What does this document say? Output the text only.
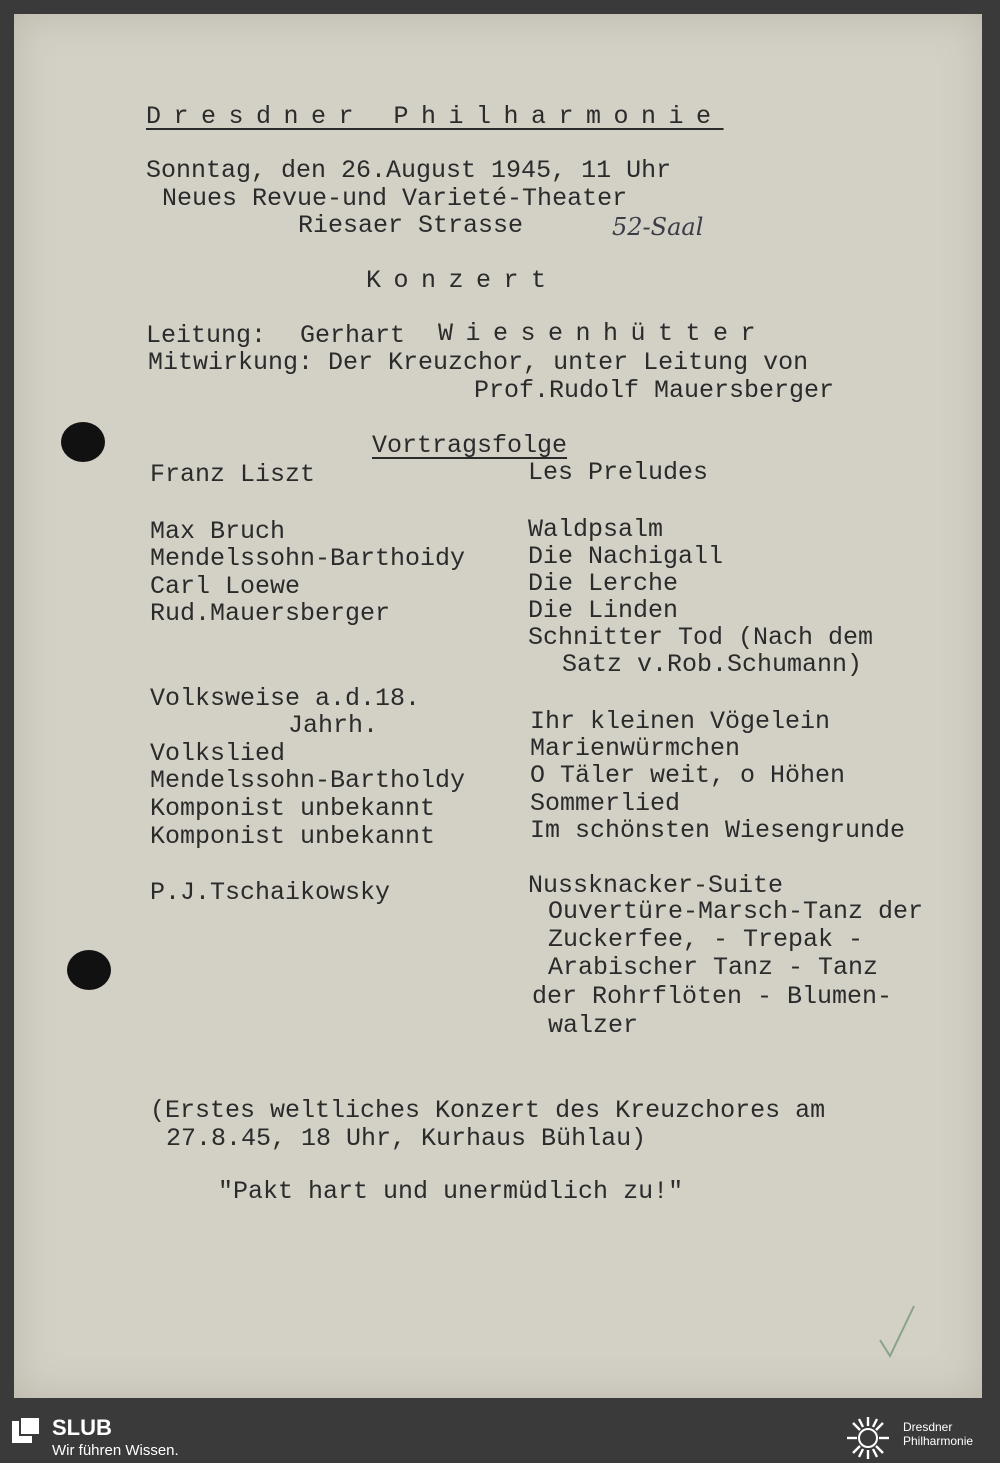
Dresdner Philharmonie
Sonntag, den 26.August 1945, 11 Uhr
Neues Revue-und Varieté-Theater
Riesaer Strasse	52-Saal
Konzert
Leitung: Gerhart Wiesenhütter
Mitwirkung: Der Kreuzchor, unter Leitung von
Prof.Rudolf Mauersberger
Vortragsfolge
Franz Liszt
Max Bruch
Mendelssohn-Barthoidy
Carl Loewe
Rud.Mauersberger
Volksweise a.d.18.
Jahrh.
Volkslied
Mendelssohn-Bartholdy
Komponist unbekannt
Komponist unbekannt
P.J.Tschaikowsky
Les Preludes
Waldpsalm
Die Nachigall
Die Lerche
Die Linden
Schnitter Tod (Nach dem
Satz v.Rob.Schumann)
Ihr kleinen Vögelein
Marienwürmchen
O Täler weit, o Höhen
Sommerlied
Im schönsten Wiesengrunde
Nussknacker-Suite
Ouvertüre-Marsch-Tanz der
Zuckerfee, - Trepak -
Arabischer Tanz - Tanz
der Rohrflöten - Blumen-
walzer
(Erstes weltliches Konzert des Kreuzchores am
27.8.45, 18 Uhr, Kurhaus Bühlau)
"Pakt hart und unermüdlich zu!"
SLUB
Wir führen Wissen.
Dresdner
Philharmonie
